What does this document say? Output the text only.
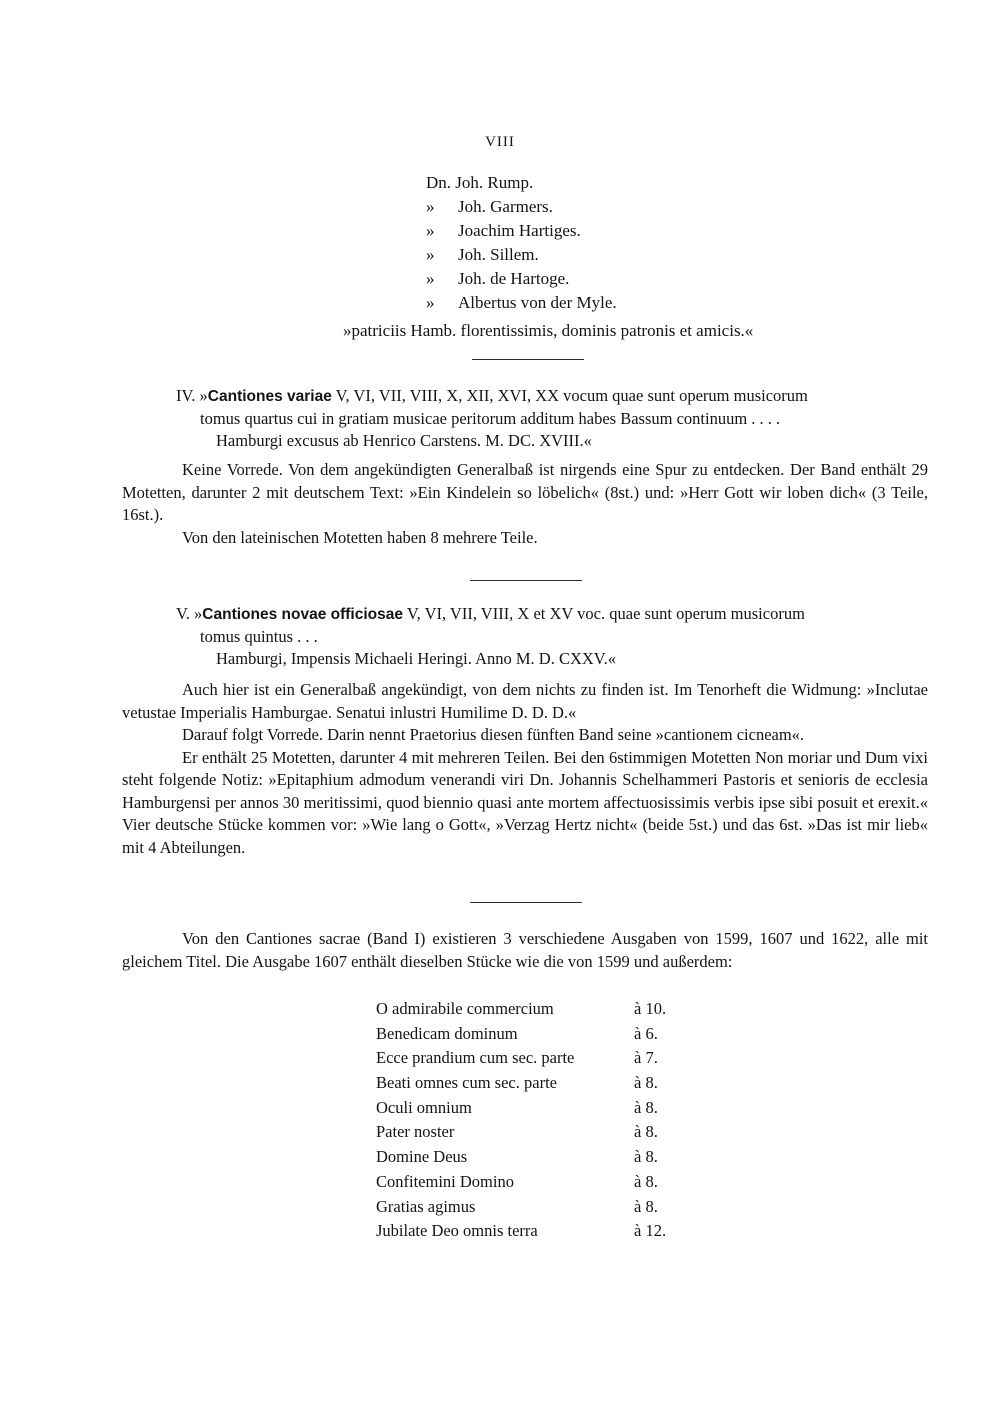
VIII
Dn. Joh. Rump.
» Joh. Garmers.
» Joachim Hartiges.
» Joh. Sillem.
» Joh. de Hartoge.
» Albertus von der Myle.
»patriciis Hamb. florentissimis, dominis patronis et amicis.«
IV. »Cantiones variae V, VI, VII, VIII, X, XII, XVI, XX vocum quae sunt operum musicorum
tomus quartus cui in gratiam musicae peritorum additum habes Bassum continuum . . . .
Hamburgi excusus ab Henrico Carstens. M. DC. XVIII.«
Keine Vorrede. Von dem angekündigten Generalbaß ist nirgends eine Spur zu entdecken. Der Band enthält 29 Motetten, darunter 2 mit deutschem Text: »Ein Kindelein so löbelich« (8st.) und: »Herr Gott wir loben dich« (3 Teile, 16st.).
Von den lateinischen Motetten haben 8 mehrere Teile.
V. »Cantiones novae officiosae V, VI, VII, VIII, X et XV voc. quae sunt operum musicorum
tomus quintus . . .
Hamburgi, Impensis Michaeli Heringi. Anno M. D. CXXV.«
Auch hier ist ein Generalbaß angekündigt, von dem nichts zu finden ist. Im Tenorheft die Widmung: »Inclutae vetustae Imperialis Hamburgae. Senatui inlustri Humilime D. D. D.«
Darauf folgt Vorrede. Darin nennt Praetorius diesen fünften Band seine »cantionem cicneam«.
Er enthält 25 Motetten, darunter 4 mit mehreren Teilen. Bei den 6stimmigen Motetten Non moriar und Dum vixi steht folgende Notiz: »Epitaphium admodum venerandi viri Dn. Johannis Schelhammeri Pastoris et senioris de ecclesia Hamburgensi per annos 30 meritissimi, quod biennio quasi ante mortem affectuosissimis verbis ipse sibi posuit et erexit.« Vier deutsche Stücke kommen vor: »Wie lang o Gott«, »Verzag Hertz nicht« (beide 5st.) und das 6st. »Das ist mir lieb« mit 4 Abteilungen.
Von den Cantiones sacrae (Band I) existieren 3 verschiedene Ausgaben von 1599, 1607 und 1622, alle mit gleichem Titel. Die Ausgabe 1607 enthält dieselben Stücke wie die von 1599 und außerdem:
O admirabile commercium	à 10.
Benedicam dominum	à 6.
Ecce prandium cum sec. parte	à 7.
Beati omnes cum sec. parte	à 8.
Oculi omnium	à 8.
Pater noster	à 8.
Domine Deus	à 8.
Confitemini Domino	à 8.
Gratias agimus	à 8.
Jubilate Deo omnis terra	à 12.
